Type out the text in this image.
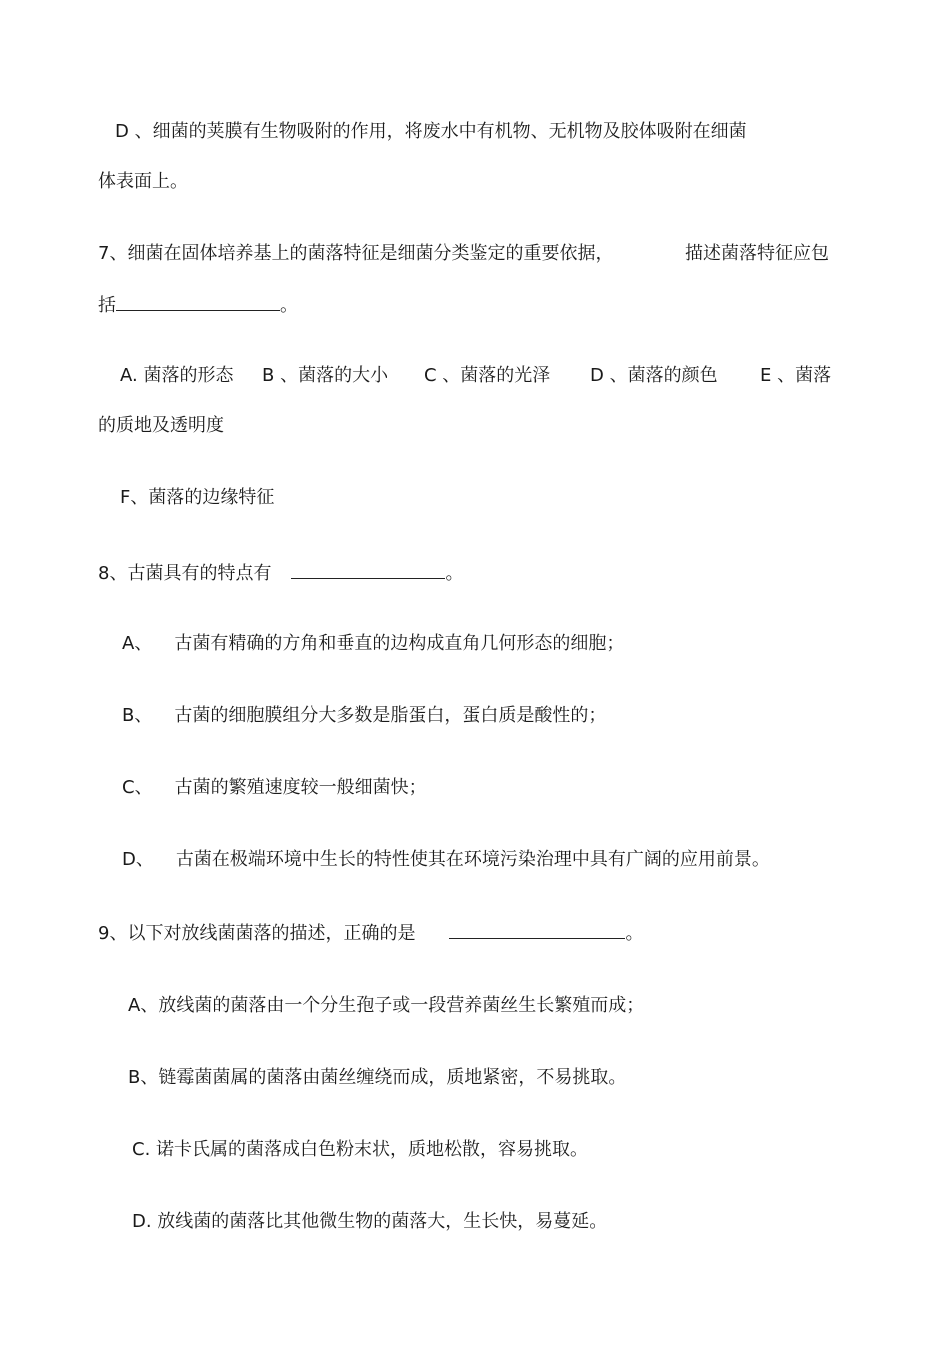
D 、细菌的荚膜有生物吸附的作用，将废水中有机物、无机物及胶体吸附在细菌
体表面上。
7、细菌在固体培养基上的菌落特征是细菌分类鉴定的重要依据，	描述菌落特征应包
括	。
A. 菌落的形态 B 、菌落的大小 C 、菌落的光泽 D 、菌落的颜色 E 、菌落
的质地及透明度
F、菌落的边缘特征
8、古菌具有的特点有	。
A、 古菌有精确的方角和垂直的边构成直角几何形态的细胞；
B、 古菌的细胞膜组分大多数是脂蛋白，蛋白质是酸性的；
C、 古菌的繁殖速度较一般细菌快；
D、 古菌在极端环境中生长的特性使其在环境污染治理中具有广阔的应用前景。
9、以下对放线菌菌落的描述，正确的是	。
A、放线菌的菌落由一个分生孢子或一段营养菌丝生长繁殖而成；
B、链霉菌菌属的菌落由菌丝缠绕而成，质地紧密，不易挑取。
C. 诺卡氏属的菌落成白色粉末状，质地松散，容易挑取。
D. 放线菌的菌落比其他微生物的菌落大，生长快，易蔓延。
